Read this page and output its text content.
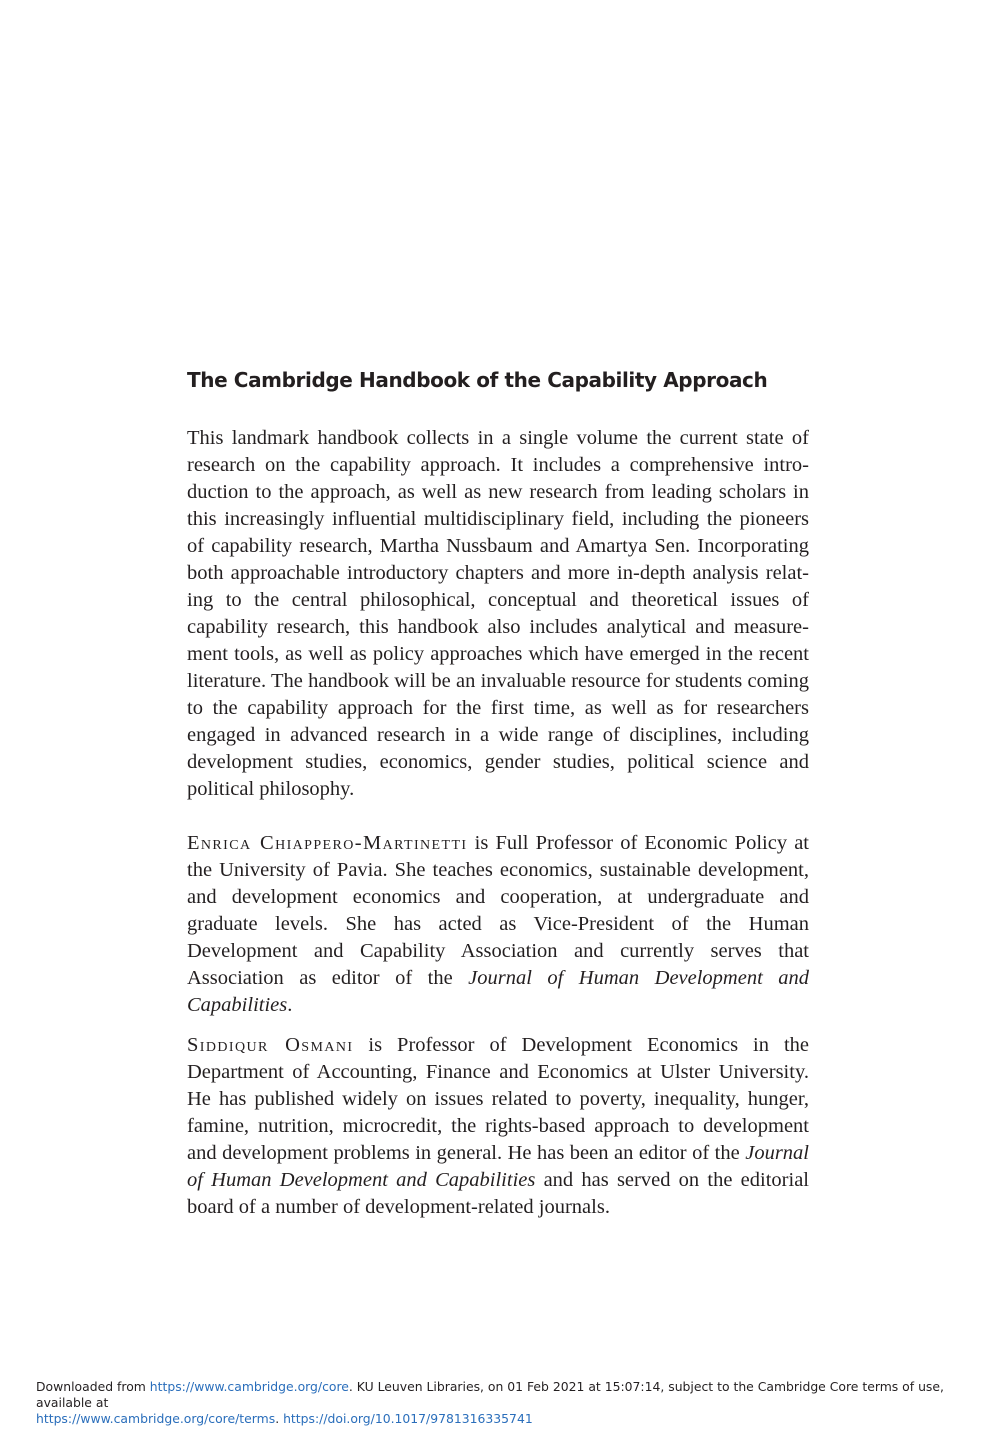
The Cambridge Handbook of the Capability Approach

This landmark handbook collects in a single volume the current state of research on the capability approach. It includes a comprehensive introduction to the approach, as well as new research from leading scholars in this increasingly influential multidisciplinary field, including the pioneers of capability research, Martha Nussbaum and Amartya Sen. Incorporating both approachable introductory chapters and more in-depth analysis relating to the central philosophical, conceptual and theoretical issues of capability research, this handbook also includes analytical and measurement tools, as well as policy approaches which have emerged in the recent literature. The handbook will be an invaluable resource for students coming to the capability approach for the first time, as well as for researchers engaged in advanced research in a wide range of disciplines, including development studies, economics, gender studies, political science and political philosophy.

Enrica Chiappero-Martinetti is Full Professor of Economic Policy at the University of Pavia. She teaches economics, sustainable development, and development economics and cooperation, at undergraduate and graduate levels. She has acted as Vice-President of the Human Development and Capability Association and currently serves that Association as editor of the Journal of Human Development and Capabilities.

Siddiqur Osmani is Professor of Development Economics in the Department of Accounting, Finance and Economics at Ulster University. He has published widely on issues related to poverty, inequality, hunger, famine, nutrition, microcredit, the rights-based approach to development and development problems in general. He has been an editor of the Journal of Human Development and Capabilities and has served on the editorial board of a number of development-related journals.

Downloaded from https://www.cambridge.org/core. KU Leuven Libraries, on 01 Feb 2021 at 15:07:14, subject to the Cambridge Core terms of use, available at
https://www.cambridge.org/core/terms. https://doi.org/10.1017/9781316335741
